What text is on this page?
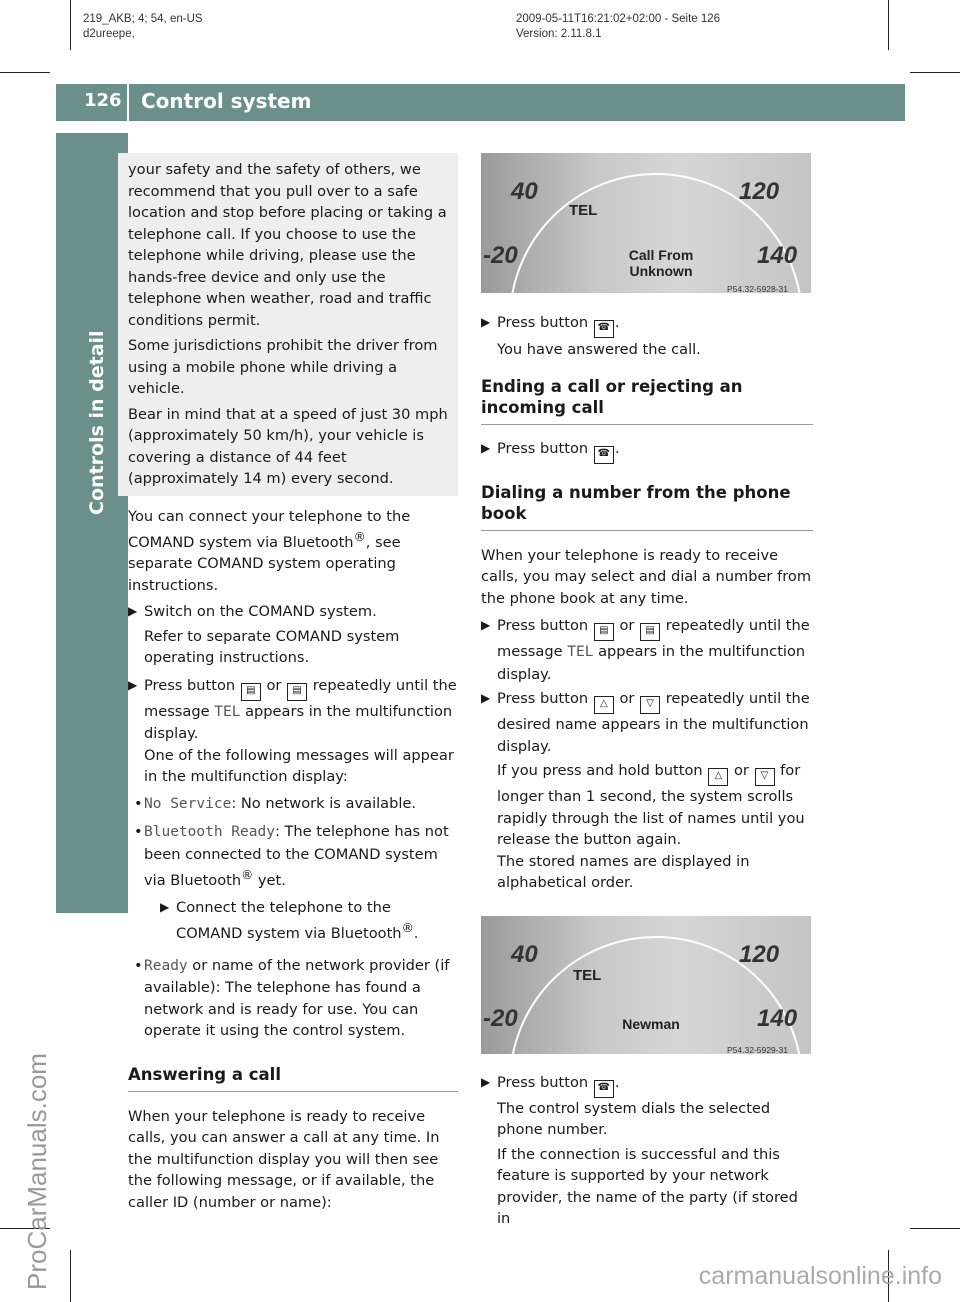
219_AKB; 4; 54, en-US
d2ureepe,
2009-05-11T16:21:02+02:00 - Seite 126
Version: 2.11.8.1
126 Control system
Controls in detail
ProCarManuals.com	carmanualsonline.info

your safety and the safety of others, we recommend that you pull over to a safe location and stop before placing or taking a telephone call. If you choose to use the telephone while driving, please use the hands-free device and only use the telephone when weather, road and traffic conditions permit.

Some jurisdictions prohibit the driver from using a mobile phone while driving a vehicle.

Bear in mind that at a speed of just 30 mph (approximately 50 km/h), your vehicle is covering a distance of 44 feet (approximately 14 m) every second.

You can connect your telephone to the COMAND system via Bluetooth®, see separate COMAND system operating instructions.

▶ Switch on the COMAND system.

Refer to separate COMAND system operating instructions.

▶ Press button ▤ or ▤ repeatedly until the message TEL appears in the multifunction display.

One of the following messages will appear in the multifunction display:

• No Service: No network is available.

• Bluetooth Ready: The telephone has not been connected to the COMAND system via Bluetooth® yet.

▶ Connect the telephone to the COMAND system via Bluetooth®.

• Ready or name of the network provider (if available): The telephone has found a network and is ready for use. You can operate it using the control system.

Answering a call

When your telephone is ready to receive calls, you can answer a call at any time. In the multifunction display you will then see the following message, or if available, the caller ID (number or name):

40
-20
120
140
TEL
Call From
Unknown
P54.32-5928-31
▶ Press button ☎ .

You have answered the call.

Ending a call or rejecting an incoming call
▶ Press button ☎ .

Dialing a number from the phone book

When your telephone is ready to receive calls, you may select and dial a number from the phone book at any time.

▶ Press button ▤ or ▤ repeatedly until the message TEL appears in the multifunction display.

▶ Press button △ or ▽ repeatedly until the desired name appears in the multifunction display.

If you press and hold button △ or ▽ for longer than 1 second, the system scrolls rapidly through the list of names until you release the button again.

The stored names are displayed in alphabetical order.

40
-20
120
140
TEL
Newman
P54.32-5929-31
▶ Press button ☎ .

The control system dials the selected phone number.

If the connection is successful and this feature is supported by your network provider, the name of the party (if stored in
